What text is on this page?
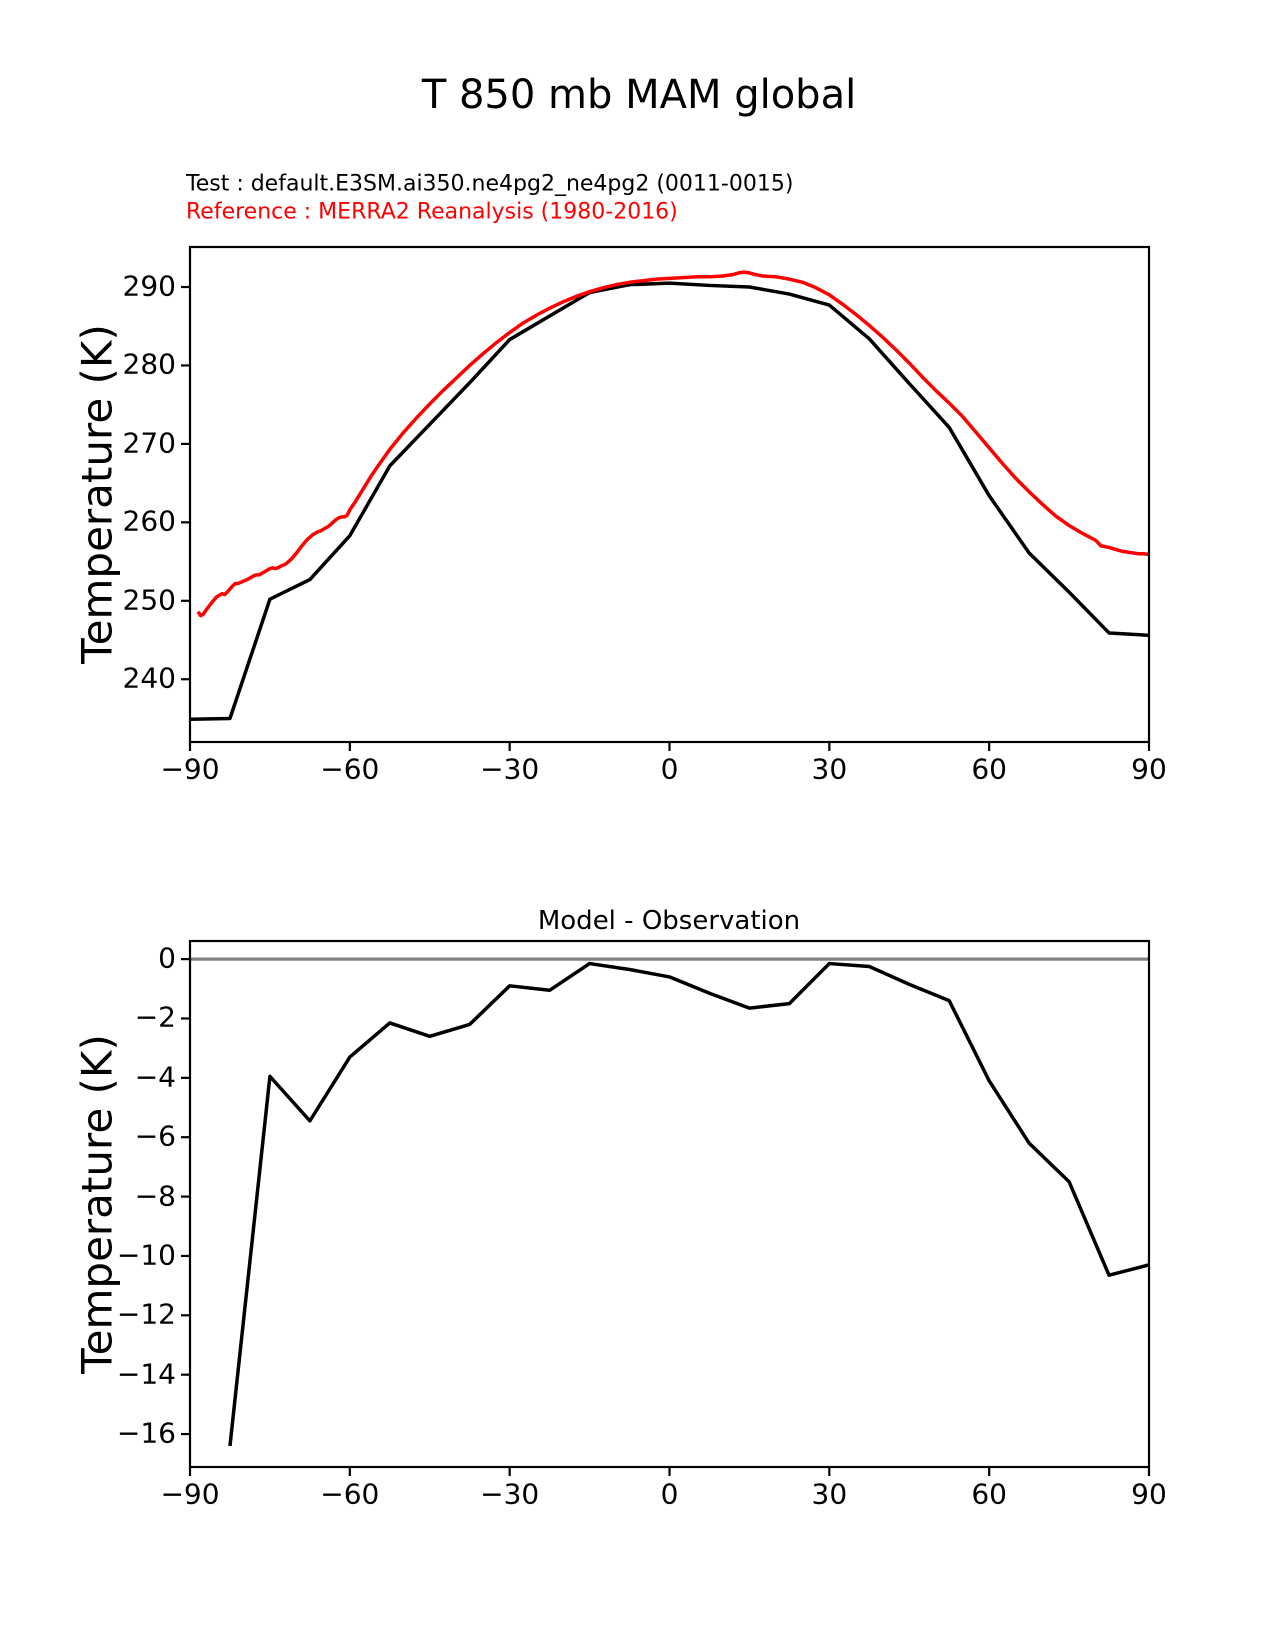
T 850 mb MAM global
Test : default.E3SM.ai350.ne4pg2_ne4pg2 (0011-0015)
Reference : MERRA2 Reanalysis (1980-2016)
Temperature (K)
Model - Observation
Temperature (K)
−90	−60	−30	0	30	60	90
240
250
260
270
280
290
−90	−60	−30	0	30	60	90
0
−2
−4
−6
−8
−10
−12
−14
−16
